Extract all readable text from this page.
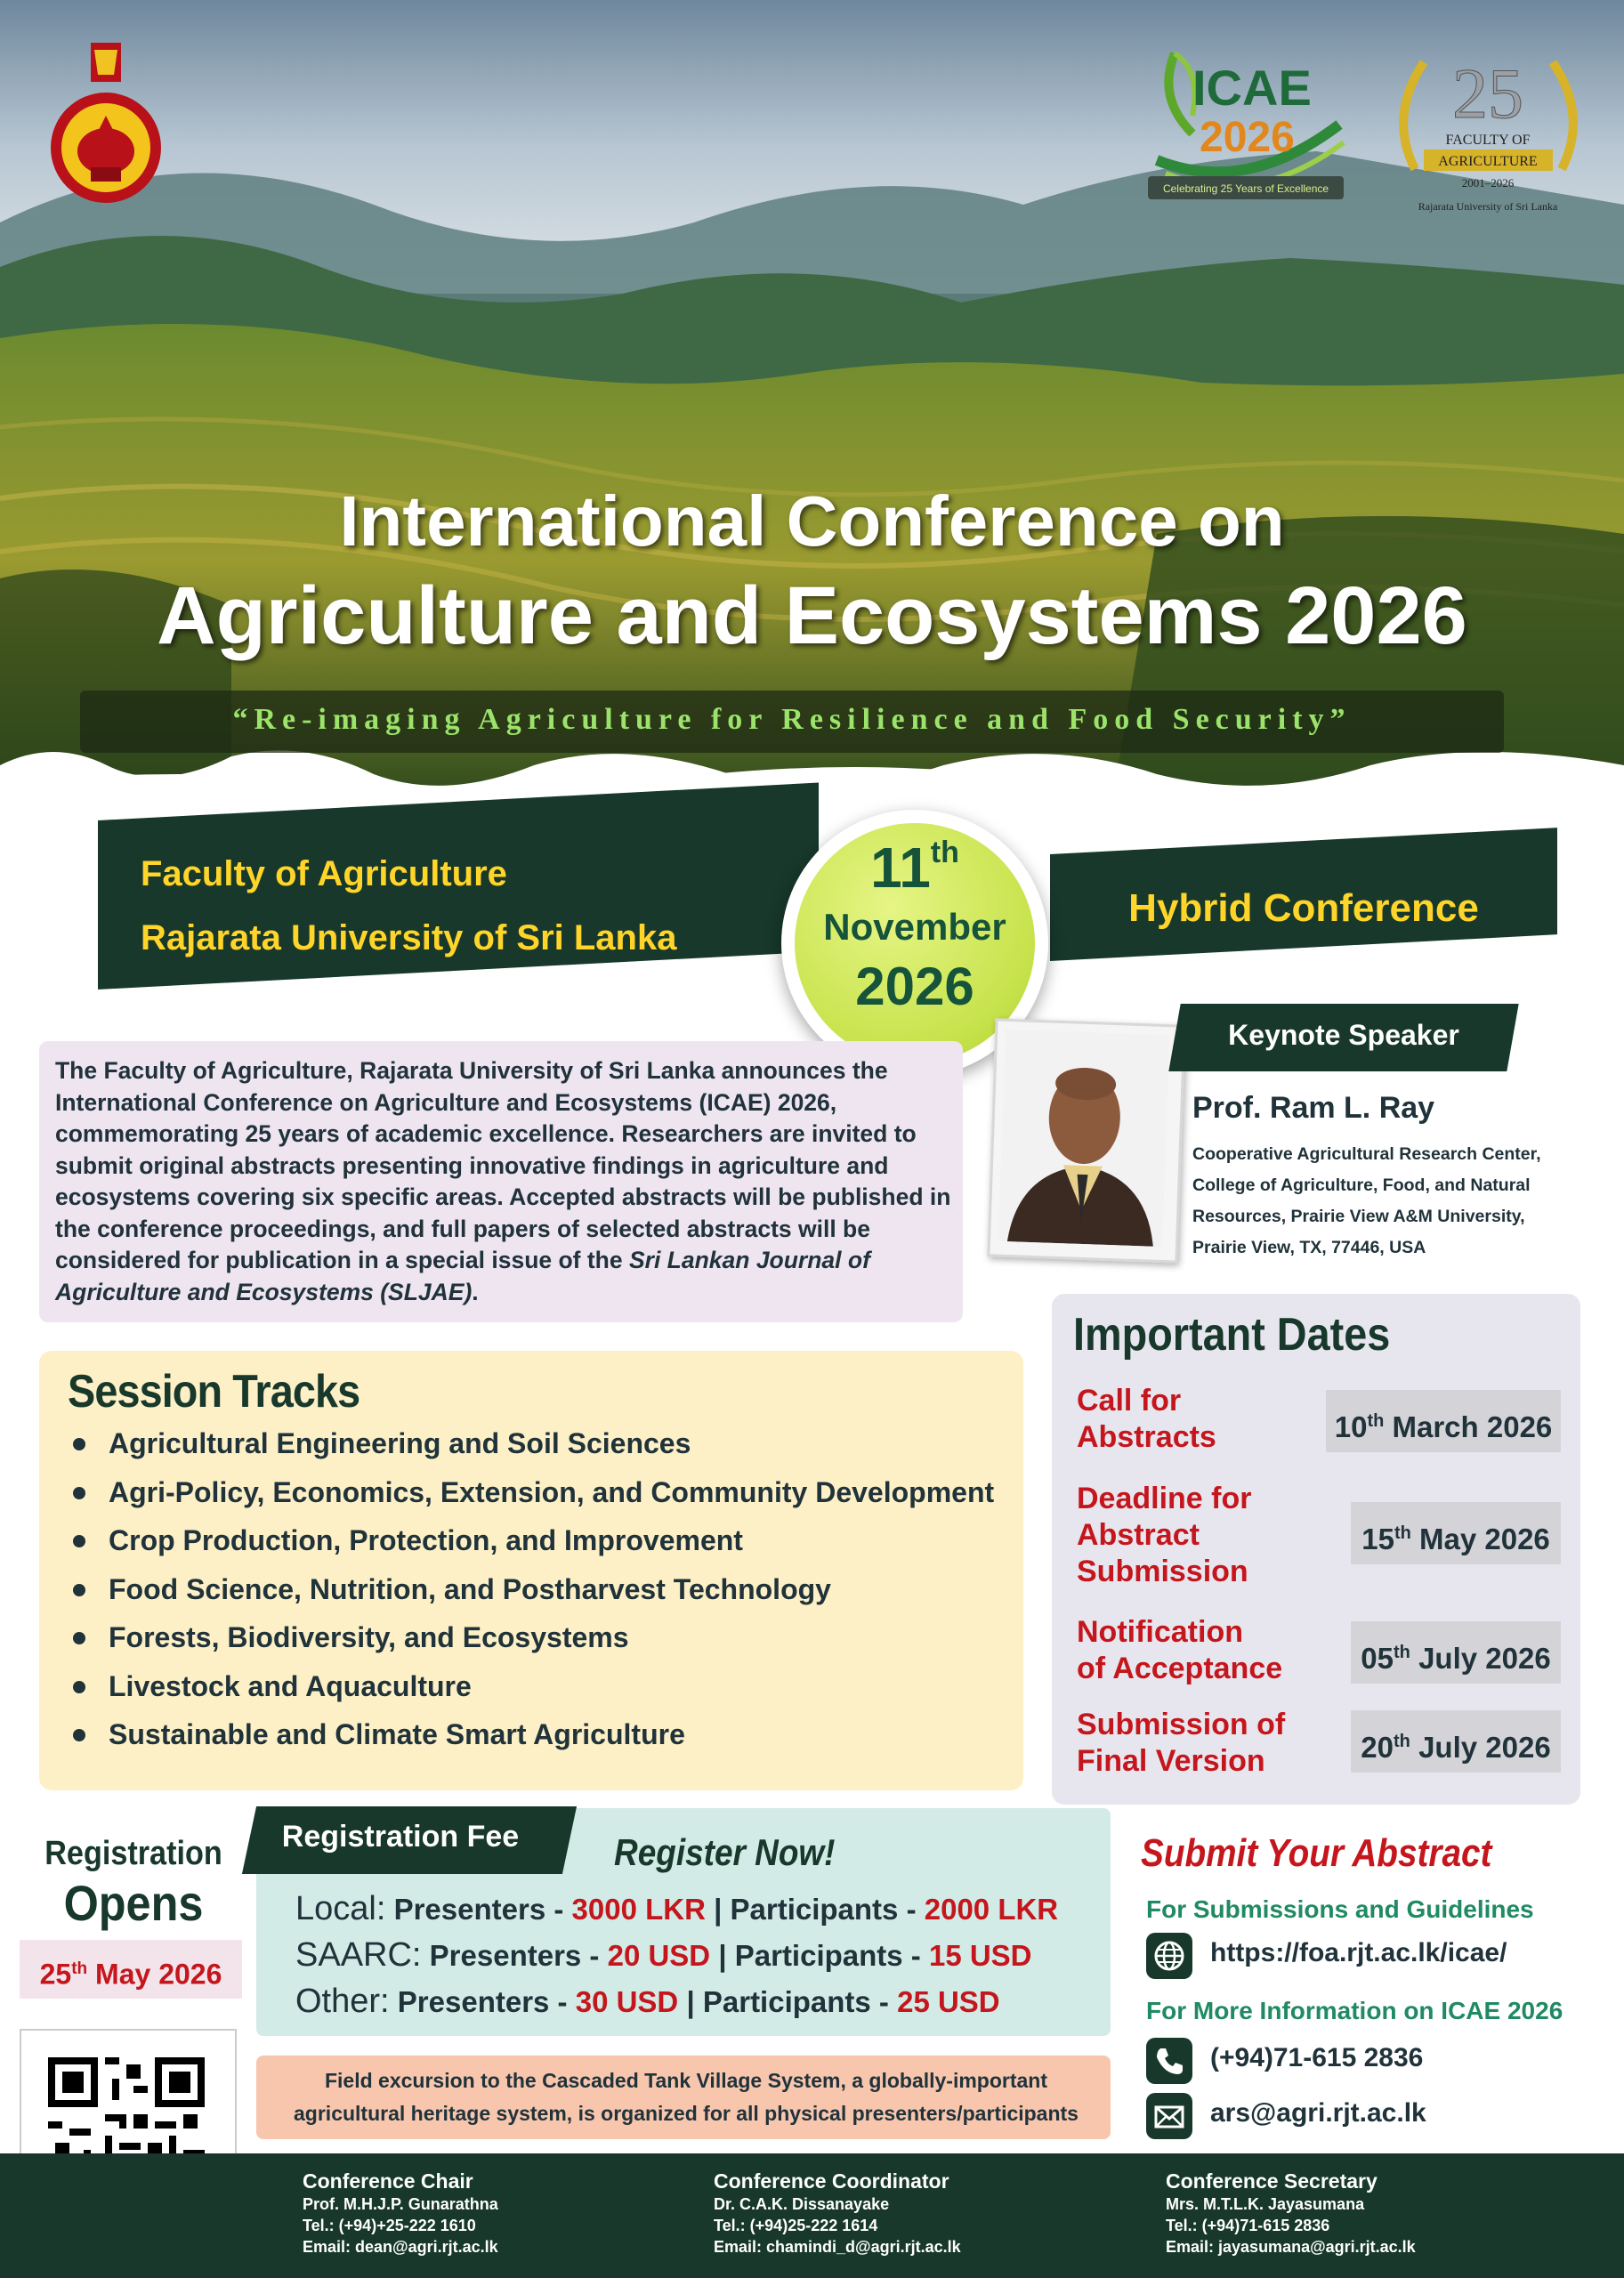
International Conference on
Agriculture and Ecosystems 2026
“Re-imaging Agriculture for Resilience and Food Security”
ICAE
2026
Celebrating 25 Years of Excellence
25
FACULTY OF
AGRICULTURE
2001–2026
Rajarata University of Sri Lanka
Faculty of Agriculture
Rajarata University of Sri Lanka
Hybrid Conference
11th
November
2026
The Faculty of Agriculture, Rajarata University of Sri Lanka announces the International Conference on Agriculture and Ecosystems (ICAE) 2026, commemorating 25 years of academic excellence. Researchers are invited to submit original abstracts presenting innovative findings in agriculture and ecosystems covering six specific areas. Accepted abstracts will be published in the conference proceedings, and full papers of selected abstracts will be considered for publication in a special issue of the Sri Lankan Journal of Agriculture and Ecosystems (SLJAE).
Keynote Speaker
Prof. Ram L. Ray
Cooperative Agricultural Research Center,
College of Agriculture, Food, and Natural
Resources, Prairie View A&M University,
Prairie View, TX, 77446, USA
Session Tracks
Agricultural Engineering and Soil Sciences
Agri-Policy, Economics, Extension, and Community Development
Crop Production, Protection, and Improvement
Food Science, Nutrition, and Postharvest Technology
Forests, Biodiversity, and Ecosystems
Livestock and Aquaculture
Sustainable and Climate Smart Agriculture
Important Dates
Call for
Abstracts	10th March 2026
Deadline for
Abstract
Submission
15th May 2026
Notification
of Acceptance	05th July 2026
Submission of
Final Version	20th July 2026
Registration
Opens
25th May 2026
Registration Fee	Register Now!
Local: Presenters - 3000 LKR | Participants - 2000 LKR
SAARC: Presenters - 20 USD | Participants - 15 USD
Other: Presenters - 30 USD | Participants - 25 USD
Field excursion to the Cascaded Tank Village System, a globally-important
agricultural heritage system, is organized for all physical presenters/participants
Submit Your Abstract
For Submissions and Guidelines
https://foa.rjt.ac.lk/icae/
For More Information on ICAE 2026
(+94)71-615 2836
ars@agri.rjt.ac.lk
Conference Chair
Prof. M.H.J.P. Gunarathna
Tel.: (+94)+25-222 1610
Email: dean@agri.rjt.ac.lk
Conference Coordinator
Dr. C.A.K. Dissanayake
Tel.: (+94)25-222 1614
Email: chamindi_d@agri.rjt.ac.lk
Conference Secretary
Mrs. M.T.L.K. Jayasumana
Tel.: (+94)71-615 2836
Email: jayasumana@agri.rjt.ac.lk
